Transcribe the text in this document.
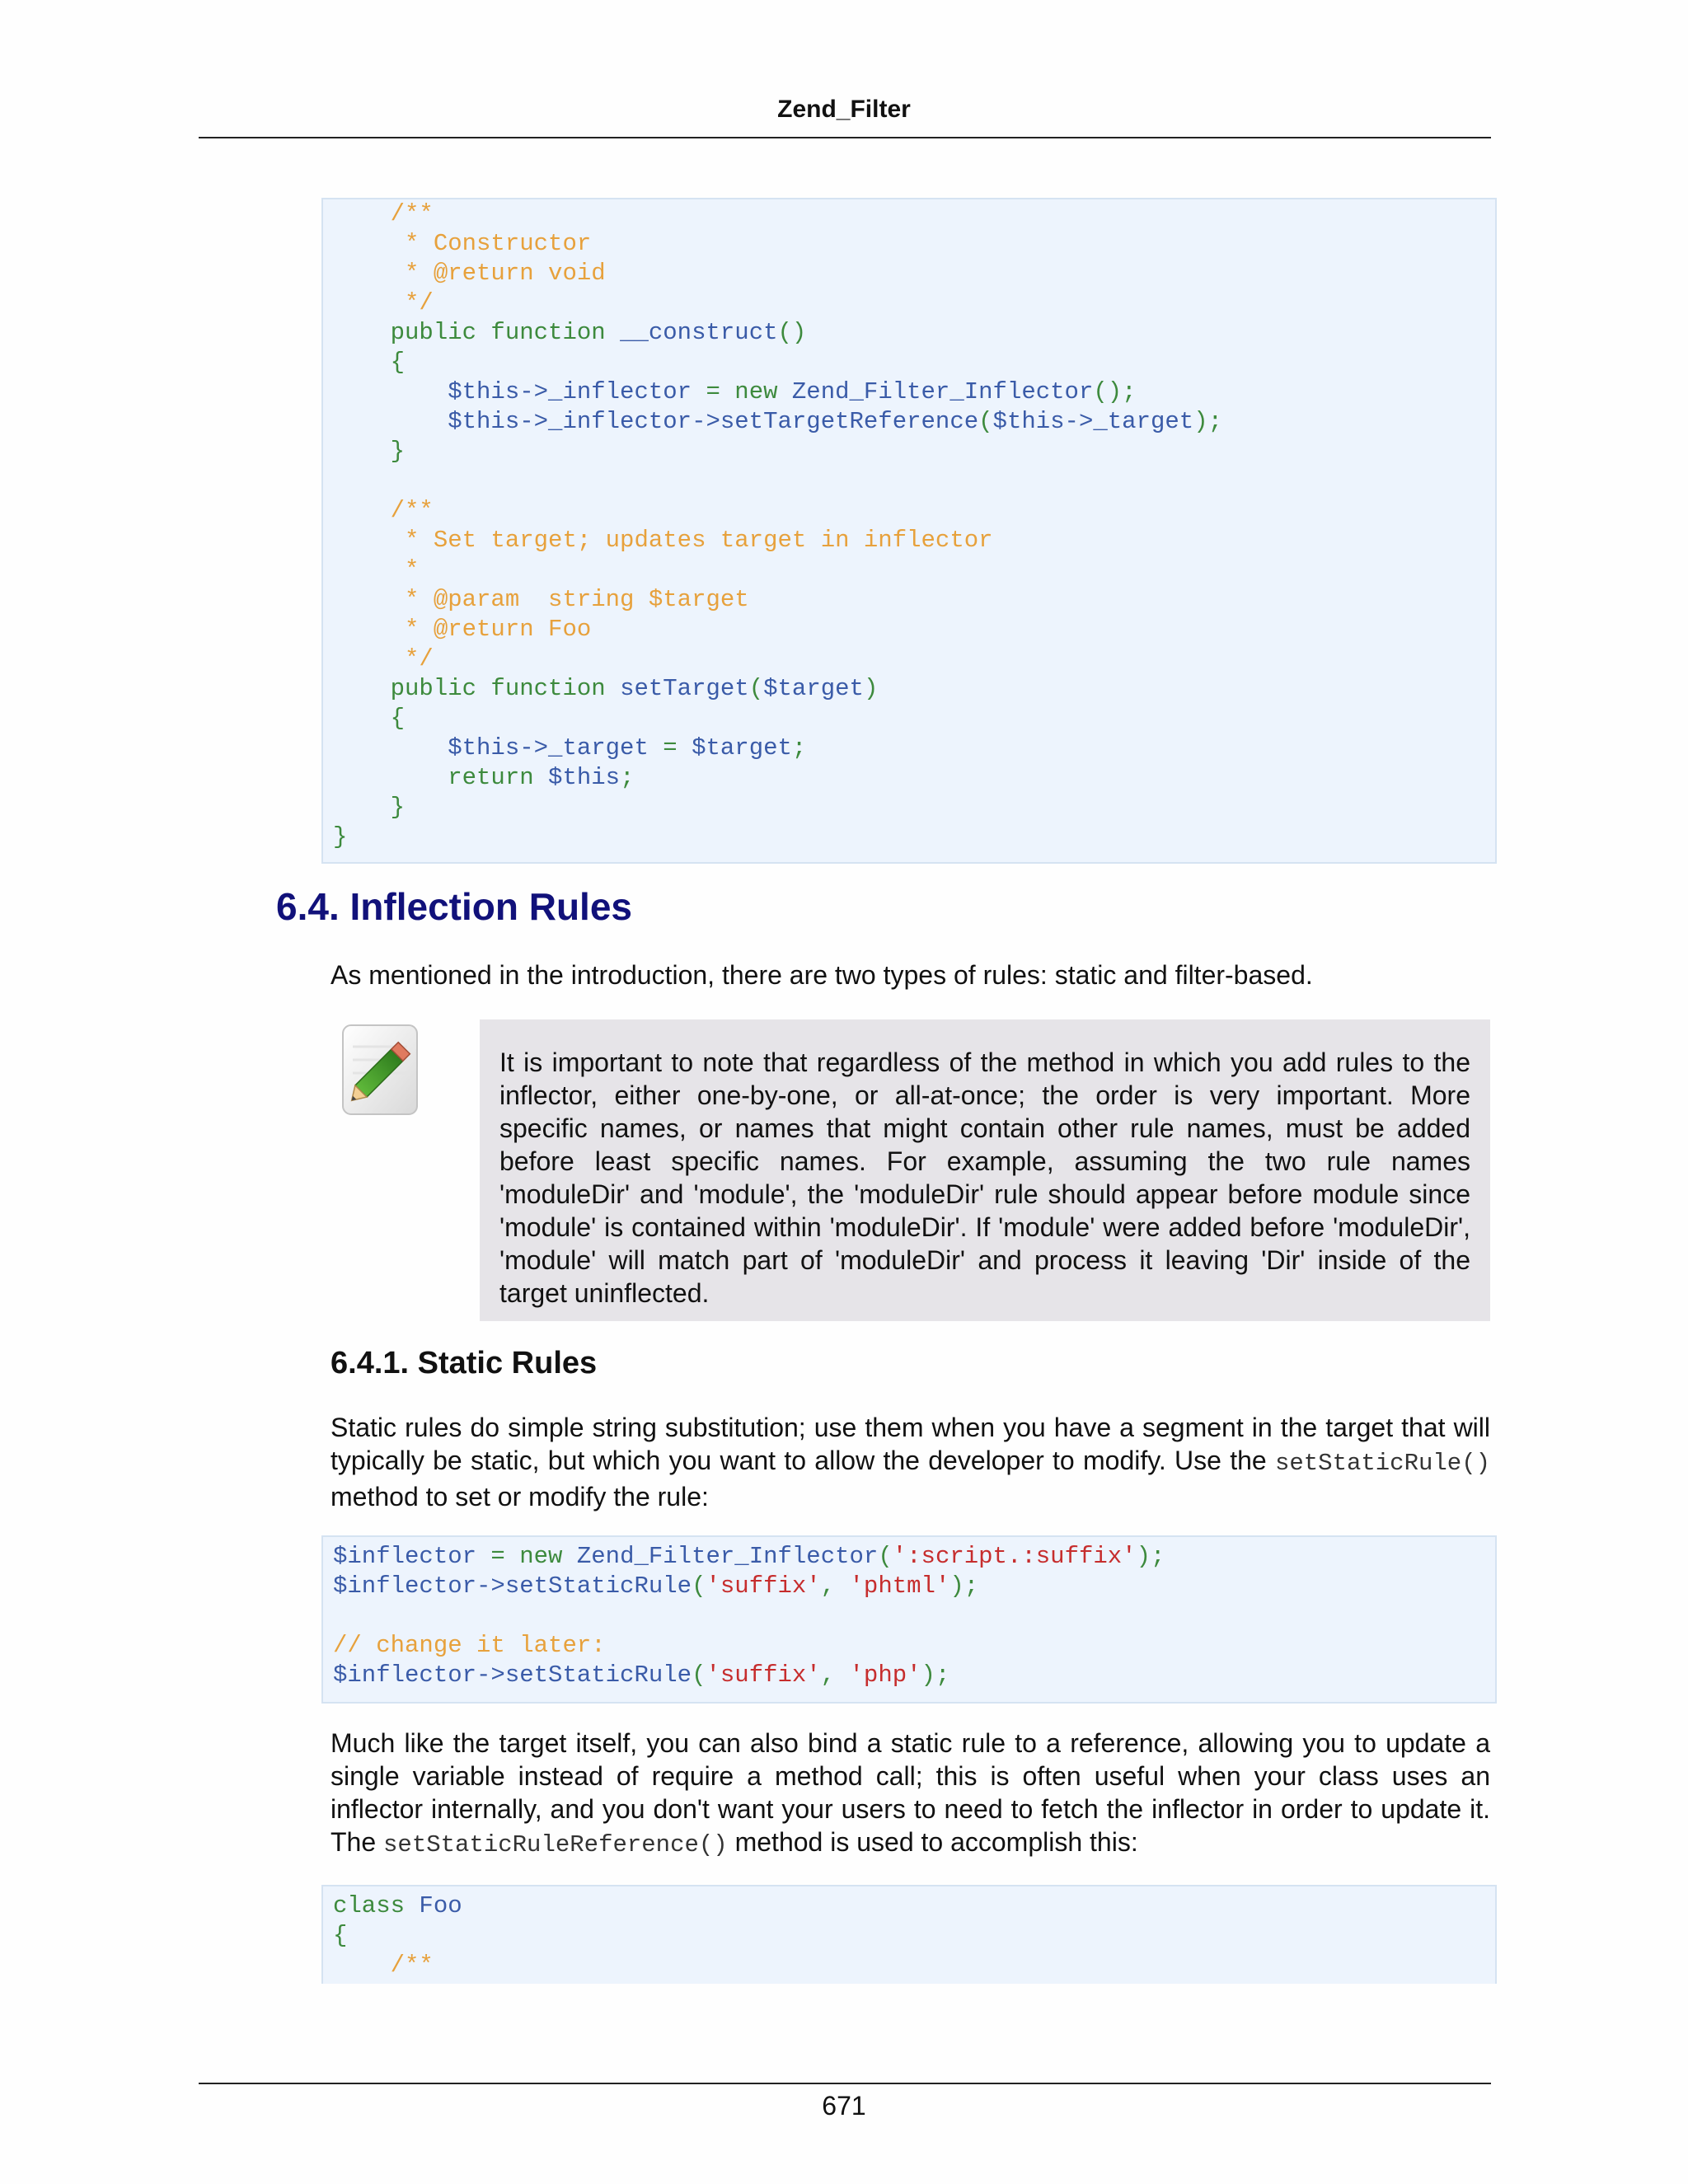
Zend_Filter
/**
* Constructor
* @return void
*/
public function __construct()
{
$this->_inflector = new Zend_Filter_Inflector();
$this->_inflector->setTargetReference($this->_target);
}
/**
* Set target; updates target in inflector
*
* @param  string $target
* @return Foo
*/
public function setTarget($target)
{
$this->_target = $target;
return $this;
}
}
6.4. Inflection Rules

As mentioned in the introduction, there are two types of rules: static and filter-based.

It is important to note that regardless of the method in which you add rules to the inflector, either one-by-one, or all-at-once; the order is very important. More specific names, or names that might contain other rule names, must be added before least specific names. For example, assuming the two rule names 'moduleDir' and 'module', the 'moduleDir' rule should appear before module since 'module' is contained within 'moduleDir'. If 'module' were added before 'moduleDir', 'module' will match part of 'moduleDir' and process it leaving 'Dir' inside of the target uninflected.
6.4.1. Static Rules

Static rules do simple string substitution; use them when you have a segment in the target that will typically be static, but which you want to allow the developer to modify. Use the setStaticRule() method to set or modify the rule:

$inflector = new Zend_Filter_Inflector(':script.:suffix');
$inflector->setStaticRule('suffix', 'phtml');
// change it later:
$inflector->setStaticRule('suffix', 'php');

Much like the target itself, you can also bind a static rule to a reference, allowing you to update a single variable instead of require a method call; this is often useful when your class uses an inflector internally, and you don't want your users to need to fetch the inflector in order to update it. The setStaticRuleReference() method is used to accomplish this:

class Foo
{
/**
671
